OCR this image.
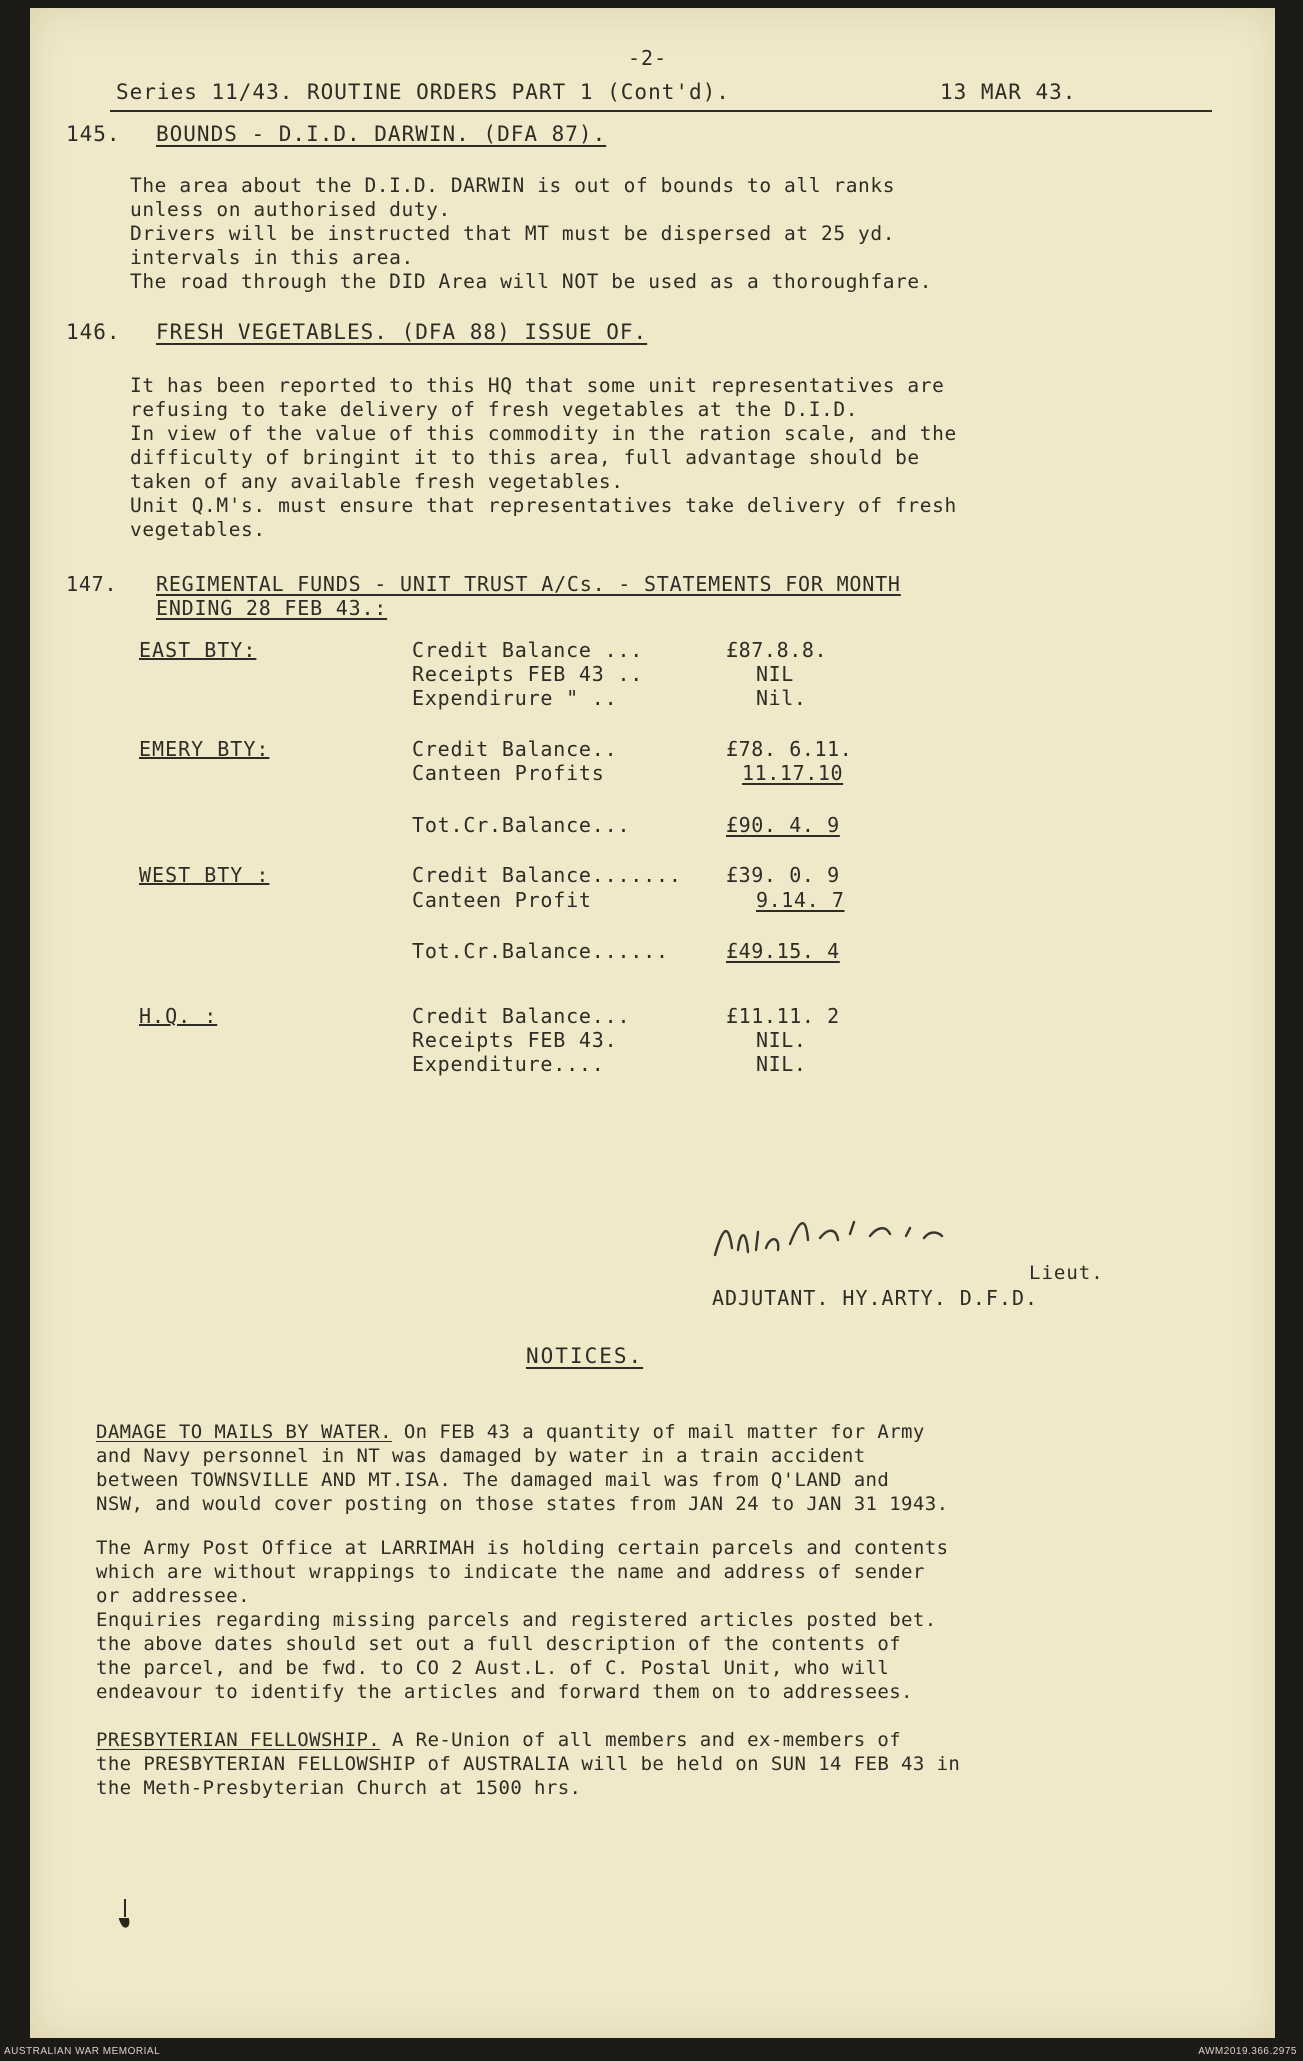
-2-
Series 11/43. ROUTINE ORDERS PART 1 (Cont'd).	13 MAR 43.
145. BOUNDS - D.I.D. DARWIN. (DFA 87).
The area about the D.I.D. DARWIN is out of bounds to all ranks
unless on authorised duty.
Drivers will be instructed that MT must be dispersed at 25 yd.
intervals in this area.
The road through the DID Area will NOT be used as a thoroughfare.
146. FRESH VEGETABLES. (DFA 88) ISSUE OF.
It has been reported to this HQ that some unit representatives are
refusing to take delivery of fresh vegetables at the D.I.D.
In view of the value of this commodity in the ration scale, and the
difficulty of bringint it to this area, full advantage should be
taken of any available fresh vegetables.
Unit Q.M's. must ensure that representatives take delivery of fresh
vegetables.
147. REGIMENTAL FUNDS - UNIT TRUST A/Cs. - STATEMENTS FOR MONTH
ENDING 28 FEB 43.:
EAST BTY:	Credit Balance ...	£87.8.8.
Receipts FEB 43 ..	NIL
Expendirure " ..	Nil.
EMERY BTY:	Credit Balance..	£78. 6.11.
Canteen Profits	11.17.10
Tot.Cr.Balance...	£90. 4. 9
WEST BTY :	Credit Balance....... £39. 0. 9
Canteen Profit	9.14. 7
Tot.Cr.Balance......	£49.15. 4
H.Q. :	Credit Balance...	£11.11. 2
Receipts FEB 43.	NIL.
Expenditure....	NIL.
Lieut.
ADJUTANT. HY.ARTY. D.F.D.
NOTICES.

DAMAGE TO MAILS BY WATER. On FEB 43 a quantity of mail matter for Army
and Navy personnel in NT was damaged by water in a train accident
between TOWNSVILLE AND MT.ISA. The damaged mail was from Q'LAND and
NSW, and would cover posting on those states from JAN 24 to JAN 31 1943.

The Army Post Office at LARRIMAH is holding certain parcels and contents
which are without wrappings to indicate the name and address of sender
or addressee.
Enquiries regarding missing parcels and registered articles posted bet.
the above dates should set out a full description of the contents of
the parcel, and be fwd. to CO 2 Aust.L. of C. Postal Unit, who will
endeavour to identify the articles and forward them on to addressees.

PRESBYTERIAN FELLOWSHIP. A Re-Union of all members and ex-members of
the PRESBYTERIAN FELLOWSHIP of AUSTRALIA will be held on SUN 14 FEB 43 in
the Meth-Presbyterian Church at 1500 hrs.

AUSTRALIAN WAR MEMORIAL	AWM2019.366.2975
